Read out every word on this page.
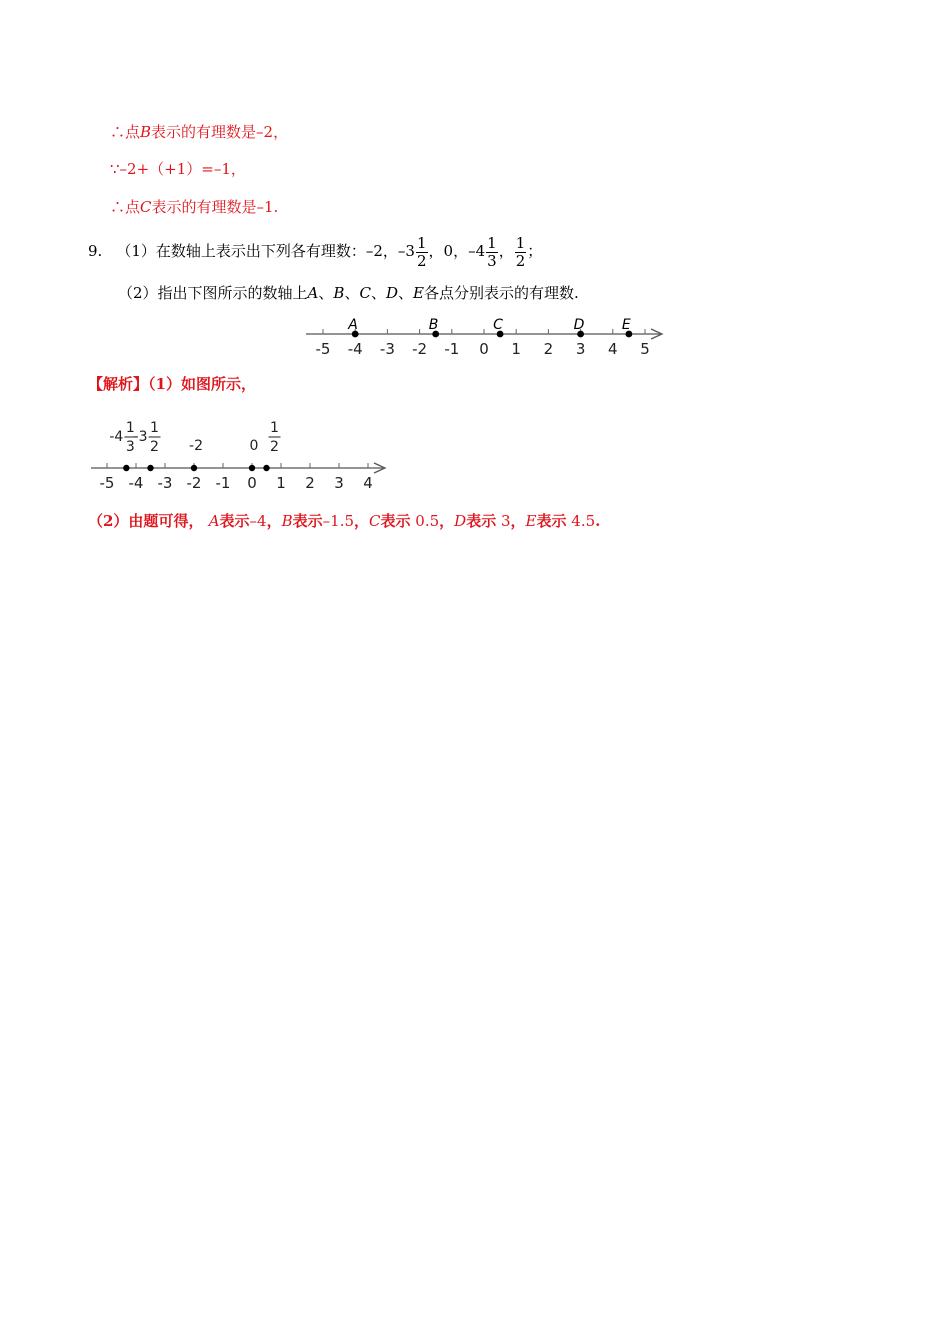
∴点B表示的有理数是–2，
∵–2+（+1）=–1，
∴点C表示的有理数是–1.
9. （1）在数轴上表示出下列各有理数：–2，$-3 \frac{1}{2}$ ，0，$-4 \frac{1}{3}$ ， $\frac{1}{2}$ ；
（2）指出下图所示的数轴上A、B、C、D、E各点分别表示的有理数.
-5 -4 -3 -2 -1 0 1 2 3 4 5
A	B	C	D	E
【解析】（1）如图所示，
-5 -4 -3 -2 -1 0 1 2 3 4
-4
1
3
-3
1
2 -2	0
1
2
（2）由题可得， A表示–4，B表示–1.5，C表示 0.5，D表示 3，E表示 4.5.
